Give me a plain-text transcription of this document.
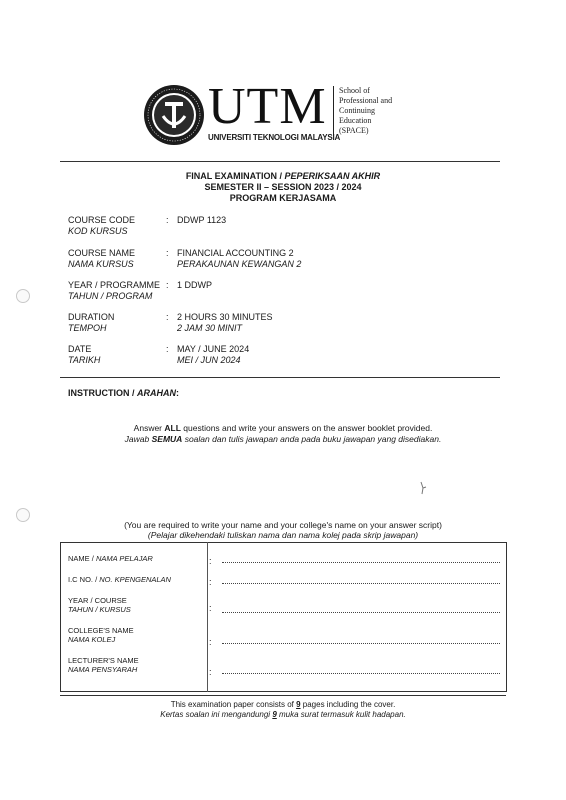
UTM
UNIVERSITI TEKNOLOGI MALAYSIA
School of
Professional and
Continuing
Education
(SPACE)
FINAL EXAMINATION / PEPERIKSAAN AKHIR
SEMESTER II – SESSION 2023 / 2024
PROGRAM KERJASAMA
COURSE CODE
KOD KURSUS
: DDWP 1123
COURSE NAME
NAMA KURSUS
: FINANCIAL ACCOUNTING 2
PERAKAUNAN KEWANGAN 2
YEAR / PROGRAMME
TAHUN / PROGRAM
: 1 DDWP
DURATION
TEMPOH
: 2 HOURS 30 MINUTES
2 JAM 30 MINIT
DATE
TARIKH
: MAY / JUNE 2024
MEI / JUN 2024
INSTRUCTION / ARAHAN:
Answer ALL questions and write your answers on the answer booklet provided.
Jawab SEMUA soalan dan tulis jawapan anda pada buku jawapan yang disediakan.
(You are required to write your name and your college's name on your answer script)
(Pelajar dikehendaki tuliskan nama dan nama kolej pada skrip jawapan)
NAME / NAMA PELAJAR	:
I.C NO. / NO. KPENGENALAN	:
YEAR / COURSE
TAHUN / KURSUS	:
COLLEGE'S NAME
NAMA KOLEJ	:
LECTURER'S NAME
NAMA PENSYARAH	:
This examination paper consists of 9 pages including the cover.
Kertas soalan ini mengandungi 9 muka surat termasuk kulit hadapan.
